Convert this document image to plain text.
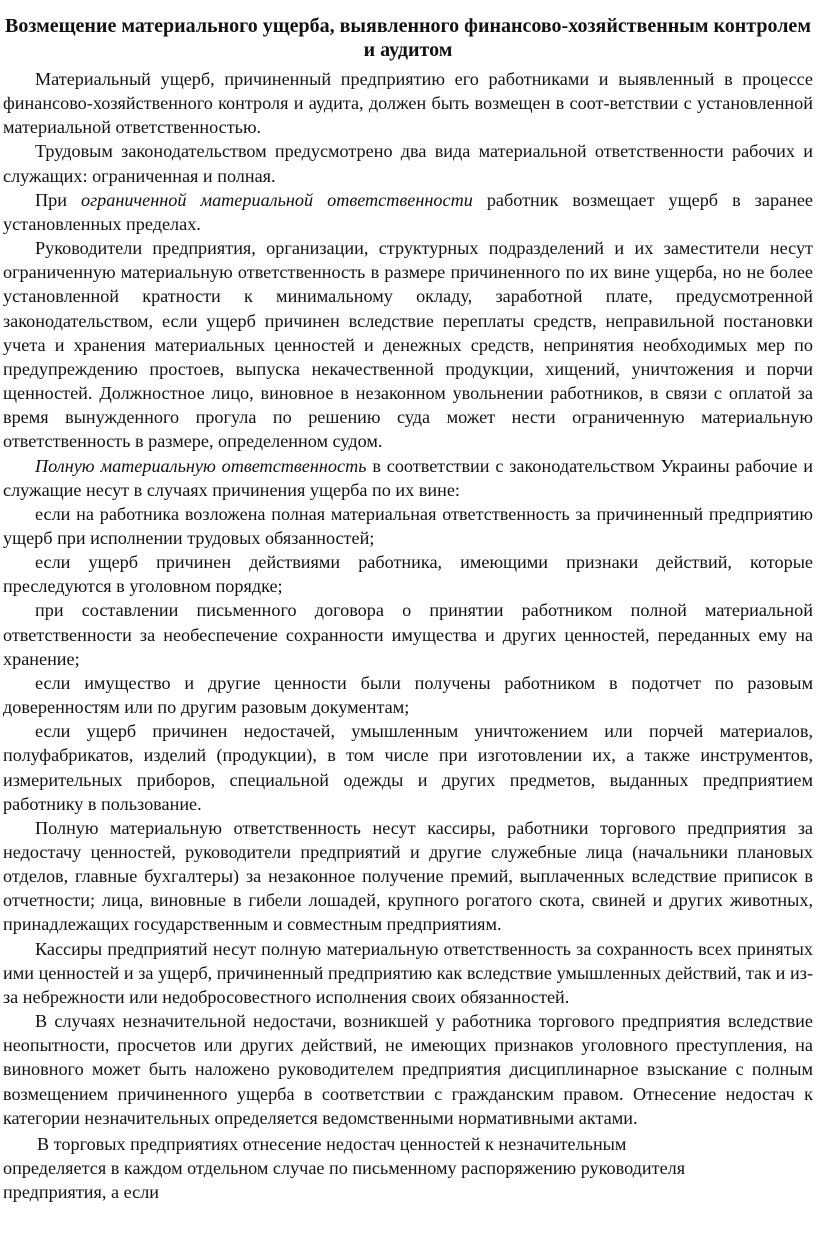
Возмещение материального ущерба, выявленного финансово-хозяйственным контролем и аудитом

Материальный ущерб, причиненный предприятию его работниками и выявленный в процессе финансово-хозяйственного контроля и аудита, должен быть возмещен в соот-ветствии с установленной материальной ответственностью.

Трудовым законодательством предусмотрено два вида материальной ответственности рабочих и служащих: ограниченная и полная.

При ограниченной материальной ответственности работник возмещает ущерб в заранее установленных пределах.

Руководители предприятия, организации, структурных подразделений и их заместители несут ограниченную материальную ответственность в размере причиненного по их вине ущерба, но не более установленной кратности к минимальному окладу, заработной плате, предусмотренной законодательством, если ущерб причинен вследствие переплаты средств, неправильной постановки учета и хранения материальных ценностей и денежных средств, непринятия необходимых мер по предупреждению простоев, выпуска некачественной продукции, хищений, уничтожения и порчи щенностей. Должностное лицо, виновное в незаконном увольнении работников, в связи с оплатой за время вынужденного прогула по решению суда может нести ограниченную материальную ответственность в размере, определенном судом.

Полную материальную ответственность в соответствии с законодательством Украины рабочие и служащие несут в случаях причинения ущерба по их вине:

если на работника возложена полная материальная ответственность за причиненный предприятию ущерб при исполнении трудовых обязанностей;

если ущерб причинен действиями работника, имеющими признаки действий, которые преследуются в уголовном порядке;

при составлении письменного договора о принятии работником полной материальной ответственности за необеспечение сохранности имущества и других ценностей, переданных ему на хранение;

если имущество и другие ценности были получены работником в подотчет по разовым доверенностям или по другим разовым документам;

если ущерб причинен недостачей, умышленным уничтожением или порчей материалов, полуфабрикатов, изделий (продукции), в том числе при изготовлении их, а также инструментов, измерительных приборов, специальной одежды и других предметов, выданных предприятием работнику в пользование.

Полную материальную ответственность несут кассиры, работники торгового предприятия за недостачу ценностей, руководители предприятий и другие служебные лица (начальники плановых отделов, главные бухгалтеры) за незаконное получение премий, выплаченных вследствие приписок в отчетности; лица, виновные в гибели лошадей, крупного рогатого скота, свиней и других животных, принадлежащих государственным и совместным предприятиям.

Кассиры предприятий несут полную материальную ответственность за сохранность всех принятых ими ценностей и за ущерб, причиненный предприятию как вследствие умышленных действий, так и из-за небрежности или недобросовестного исполнения своих обязанностей.

В случаях незначительной недостачи, возникшей у работника торгового предприятия вследствие неопытности, просчетов или других действий, не имеющих признаков уголовного преступления, на виновного может быть наложено руководителем предприятия дисциплинарное взыскание с полным возмещением причиненного ущерба в соответствии с гражданским правом. Отнесение недостач к категории незначительных определяется ведомственными нормативными актами.

В торговых предприятиях отнесение недостач ценностей к незначительным
определяется в каждом отдельном случае по письменному распоряжению руководителя
предприятия, а если
